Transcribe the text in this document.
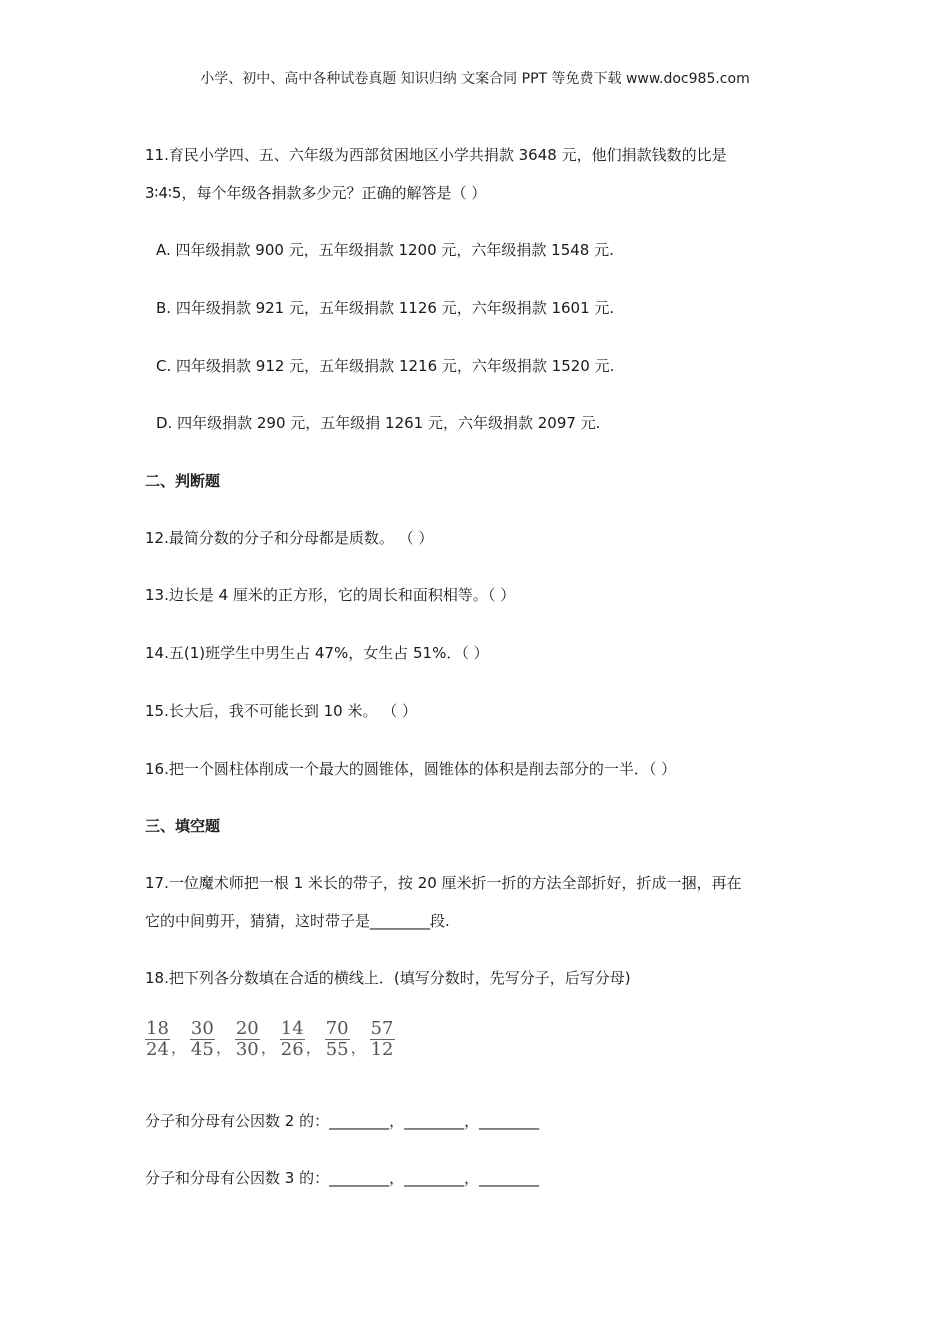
小学、初中、高中各种试卷真题 知识归纳 文案合同 PPT 等免费下载 www.doc985.com
11.育民小学四、五、六年级为西部贫困地区小学共捐款 3648 元，他们捐款钱数的比是
3∶4∶5，每个年级各捐款多少元？正确的解答是（ ）
A. 四年级捐款 900 元，五年级捐款 1200 元，六年级捐款 1548 元.
B. 四年级捐款 921 元，五年级捐款 1126 元，六年级捐款 1601 元.
C. 四年级捐款 912 元，五年级捐款 1216 元，六年级捐款 1520 元.
D. 四年级捐款 290 元，五年级捐 1261 元，六年级捐款 2097 元.
二、判断题
12.最简分数的分子和分母都是质数。 （ ）
13.边长是 4 厘米的正方形，它的周长和面积相等。（ ）
14.五(1)班学生中男生占 47%，女生占 51%．（ ）
15.长大后，我不可能长到 10 米。 （ ）
16.把一个圆柱体削成一个最大的圆锥体，圆锥体的体积是削去部分的一半．（ ）
三、填空题
17.一位魔术师把一根 1 米长的带子，按 20 厘米折一折的方法全部折好，折成一捆，再在
它的中间剪开，猜猜，这时带子是________段.
18.把下列各分数填在合适的横线上．(填写分数时，先写分子，后写分母)
$\frac{18}{24}$ ， $\frac{30}{45}$ ， $\frac{20}{30}$ ， $\frac{14}{26}$ ， $\frac{70}{55}$ ， $\frac{57}{12}$
分子和分母有公因数 2 的：________，________，________
分子和分母有公因数 3 的：________，________，________
